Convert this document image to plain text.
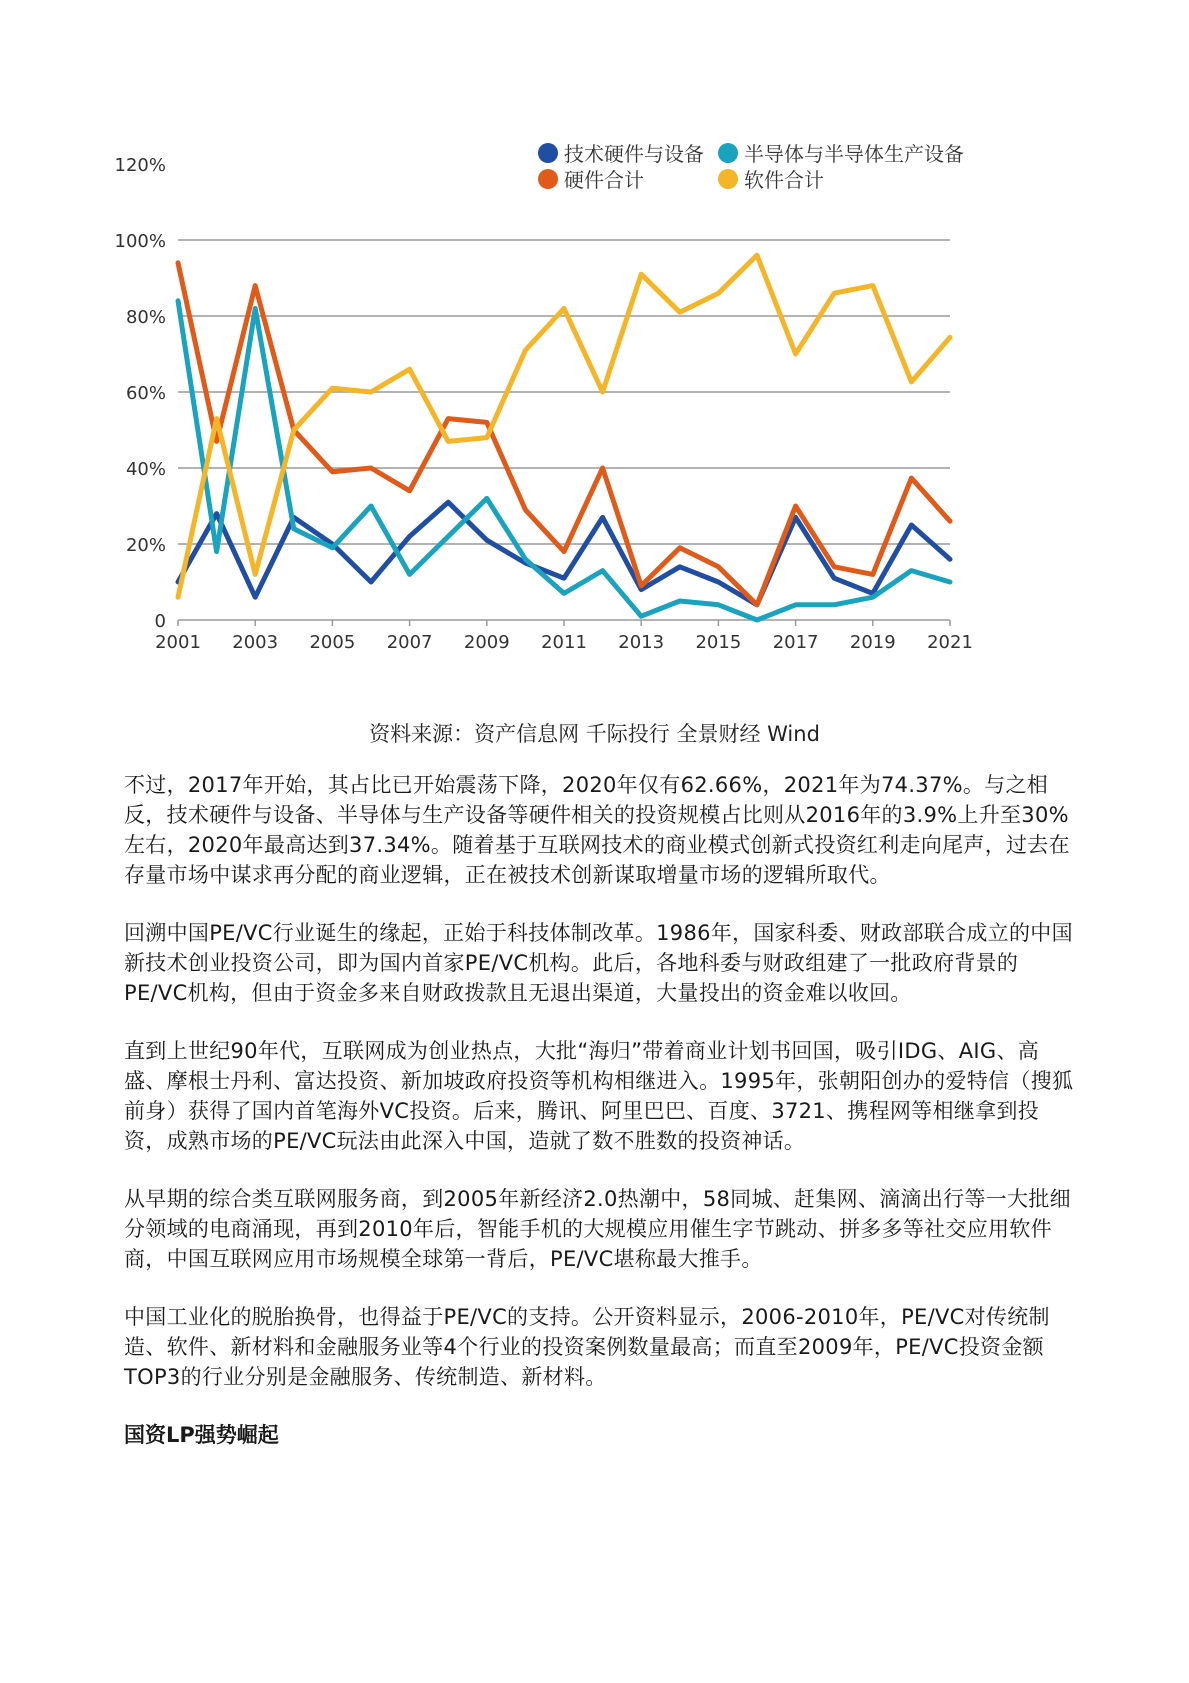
0
20%
40%
60%
80%
100%
120%
2001 2003 2005 2007 2009 2011 2013 2015 2017 2019 2021
技术硬件与设备 半导体与半导体生产设备
硬件合计	软件合计
资料来源：资产信息网 千际投行 全景财经 Wind

不过，2017年开始，其占比已开始震荡下降，2020年仅有62.66%，2021年为74.37%。与之相反，技术硬件与设备、半导体与生产设备等硬件相关的投资规模占比则从2016年的3.9%上升至30%左右，2020年最高达到37.34%。随着基于互联网技术的商业模式创新式投资红利走向尾声，过去在存量市场中谋求再分配的商业逻辑，正在被技术创新谋取增量市场的逻辑所取代。

回溯中国PE/VC行业诞生的缘起，正始于科技体制改革。1986年，国家科委、财政部联合成立的中国新技术创业投资公司，即为国内首家PE/VC机构。此后，各地科委与财政组建了一批政府背景的PE/VC机构，但由于资金多来自财政拨款且无退出渠道，大量投出的资金难以收回。

直到上世纪90年代，互联网成为创业热点，大批“海归”带着商业计划书回国，吸引IDG、AIG、高盛、摩根士丹利、富达投资、新加坡政府投资等机构相继进入。1995年，张朝阳创办的爱特信（搜狐前身）获得了国内首笔海外VC投资。后来，腾讯、阿里巴巴、百度、3721、携程网等相继拿到投资，成熟市场的PE/VC玩法由此深入中国，造就了数不胜数的投资神话。

从早期的综合类互联网服务商，到2005年新经济2.0热潮中，58同城、赶集网、滴滴出行等一大批细分领域的电商涌现，再到2010年后，智能手机的大规模应用催生字节跳动、拼多多等社交应用软件商，中国互联网应用市场规模全球第一背后，PE/VC堪称最大推手。

中国工业化的脱胎换骨，也得益于PE/VC的支持。公开资料显示，2006-2010年，PE/VC对传统制造、软件、新材料和金融服务业等4个行业的投资案例数量最高；而直至2009年，PE/VC投资金额TOP3的行业分别是金融服务、传统制造、新材料。

国资LP强势崛起
